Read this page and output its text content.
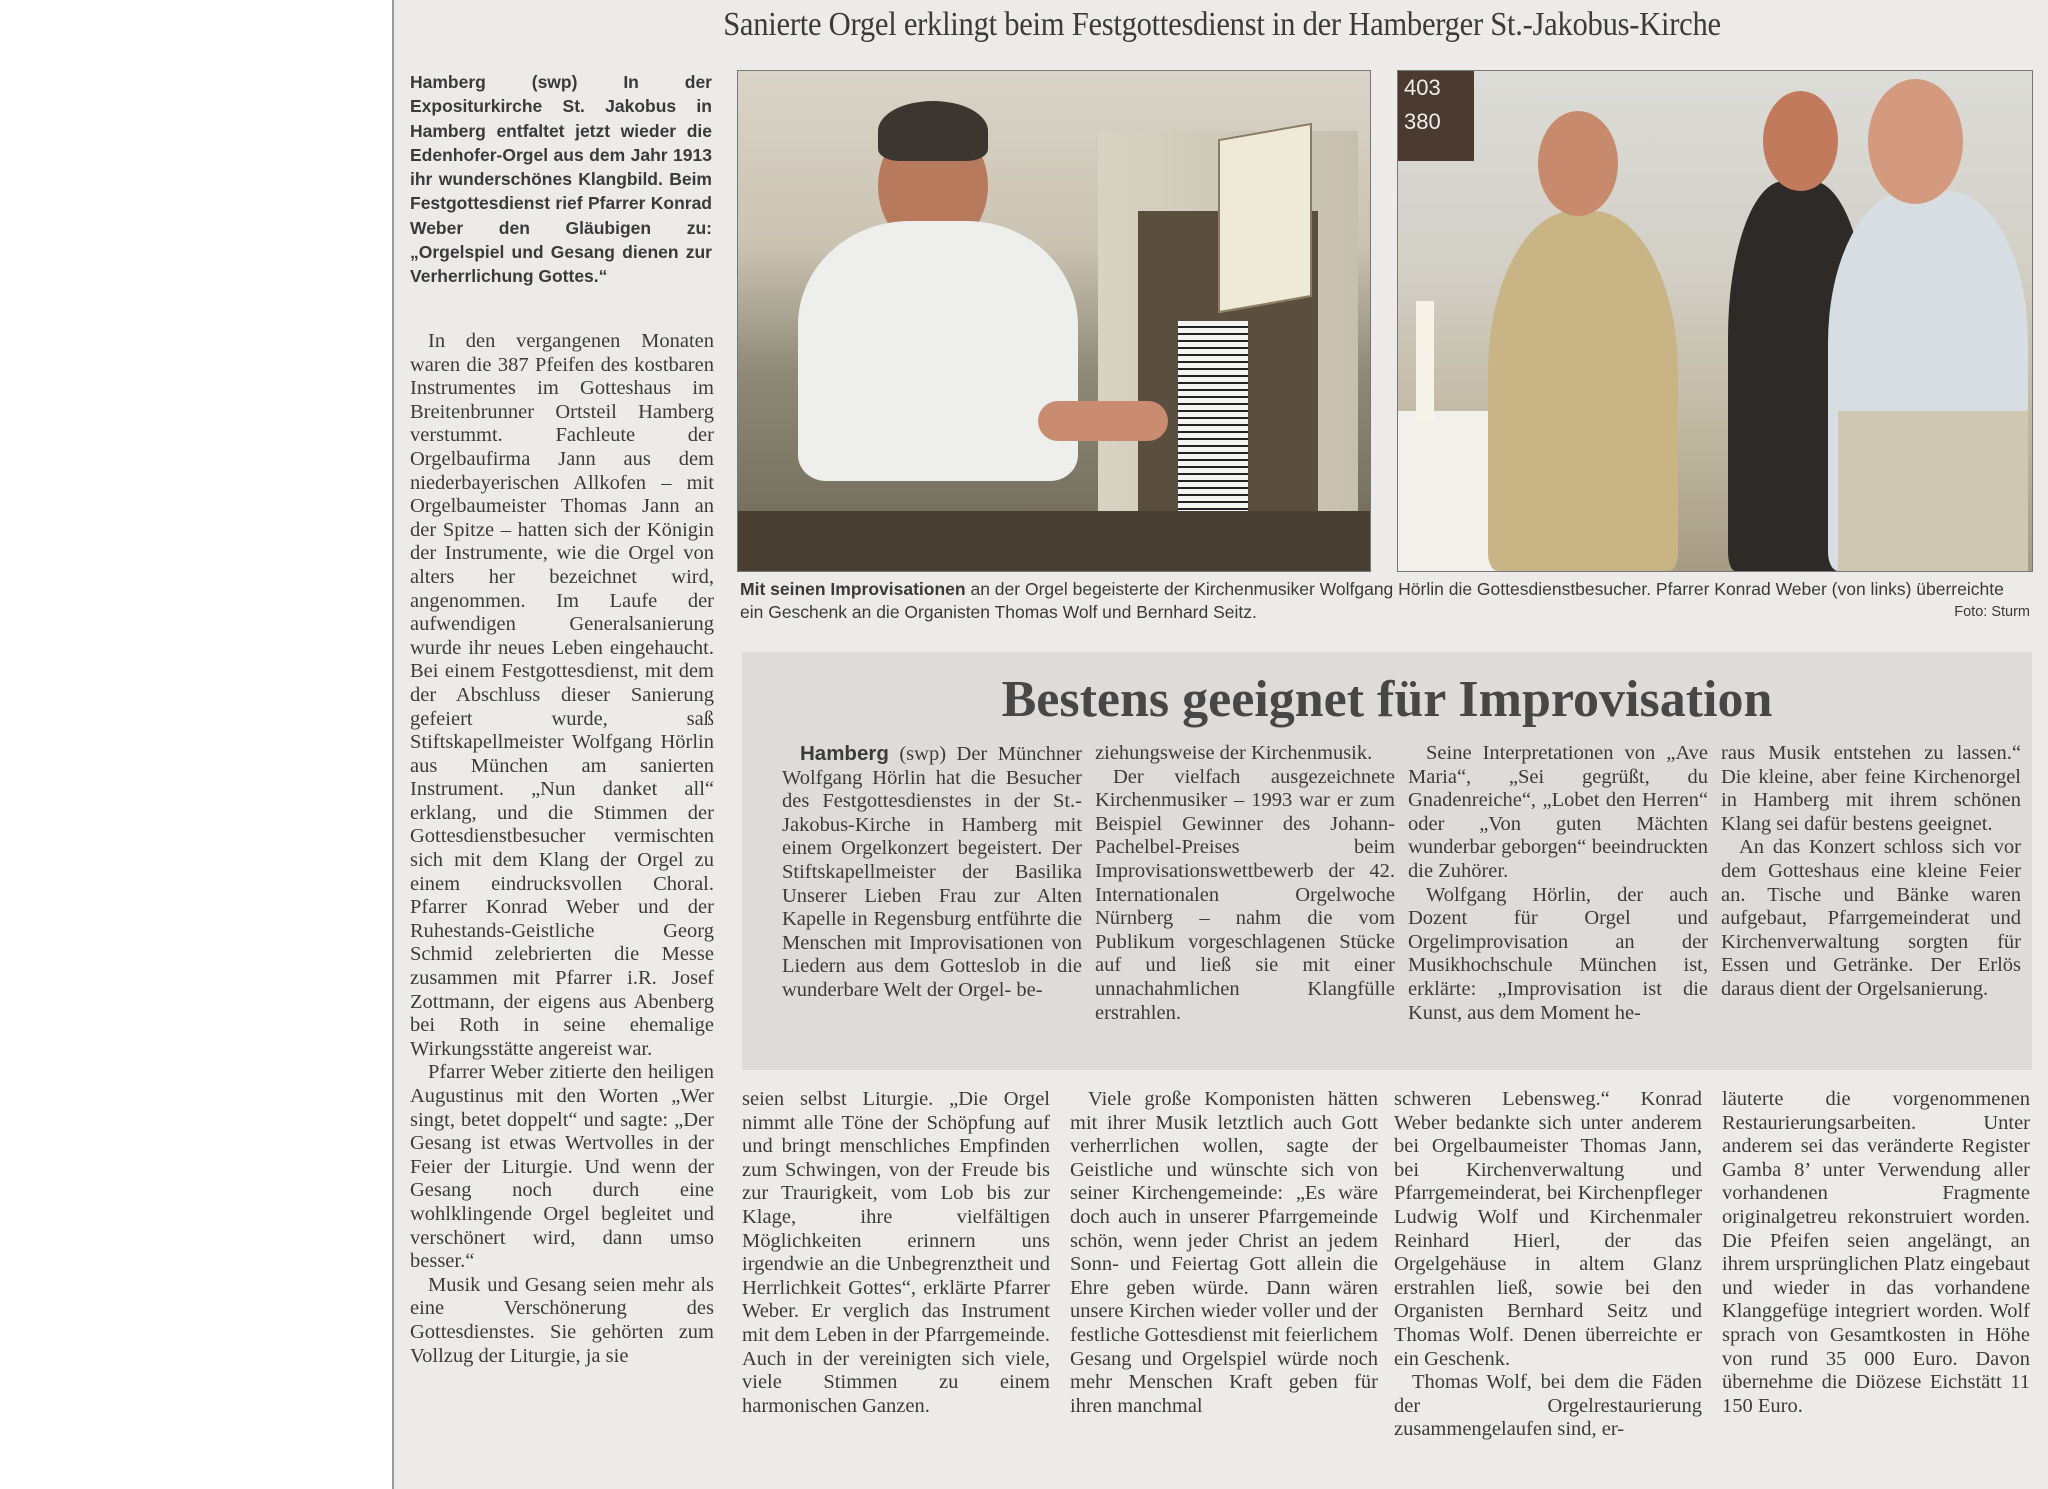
Sanierte Orgel erklingt beim Festgottesdienst in der Hamberger St.-Jakobus-Kirche
Hamberg (swp) In der Expositurkirche St. Jakobus in Hamberg entfaltet jetzt wieder die Edenhofer-Orgel aus dem Jahr 1913 ihr wunderschönes Klangbild. Beim Festgottesdienst rief Pfarrer Konrad Weber den Gläubigen zu: „Orgelspiel und Gesang dienen zur Verherrlichung Gottes.“

In den vergangenen Monaten waren die 387 Pfeifen des kostbaren Instrumentes im Gotteshaus im Breitenbrunner Ortsteil Hamberg verstummt. Fachleute der Orgelbaufirma Jann aus dem niederbayerischen Allkofen – mit Orgelbaumeister Thomas Jann an der Spitze – hatten sich der Königin der Instrumente, wie die Orgel von alters her bezeichnet wird, angenommen. Im Laufe der aufwendigen Generalsanierung wurde ihr neues Leben eingehaucht. Bei einem Festgottesdienst, mit dem der Abschluss dieser Sanierung gefeiert wurde, saß Stiftskapellmeister Wolfgang Hörlin aus München am sanierten Instrument. „Nun danket all“ erklang, und die Stimmen der Gottesdienstbesucher vermischten sich mit dem Klang der Orgel zu einem eindrucksvollen Choral. Pfarrer Konrad Weber und der Ruhestands-Geistliche Georg Schmid zelebrierten die Messe zusammen mit Pfarrer i.R. Josef Zottmann, der eigens aus Abenberg bei Roth in seine ehemalige Wirkungsstätte angereist war.

Pfarrer Weber zitierte den heiligen Augustinus mit den Worten „Wer singt, betet doppelt“ und sagte: „Der Gesang ist etwas Wertvolles in der Feier der Liturgie. Und wenn der Gesang noch durch eine wohlklingende Orgel begleitet und verschönert wird, dann umso besser.“

Musik und Gesang seien mehr als eine Verschönerung des Gottesdienstes. Sie gehörten zum Vollzug der Liturgie, ja sie

403
380
Mit seinen Improvisationen an der Orgel begeisterte der Kirchenmusiker Wolfgang Hörlin die Gottesdienstbesucher. Pfarrer Konrad Weber (von links) überreichte ein Geschenk an die Organisten Thomas Wolf und Bernhard Seitz.	Foto: Sturm
Bestens geeignet für Improvisation

Hamberg (swp) Der Münchner Wolfgang Hörlin hat die Besucher des Festgottesdienstes in der St.-Jakobus-Kirche in Hamberg mit einem Orgelkonzert begeistert. Der Stiftskapellmeister der Basilika Unserer Lieben Frau zur Alten Kapelle in Regensburg entführte die Menschen mit Improvisationen von Liedern aus dem Gotteslob in die wunderbare Welt der Orgel- be-

ziehungsweise der Kirchenmusik.

Der vielfach ausgezeichnete Kirchenmusiker – 1993 war er zum Beispiel Gewinner des Johann-Pachelbel-Preises beim Improvisationswettbewerb der 42. Internationalen Orgelwoche Nürnberg – nahm die vom Publikum vorgeschlagenen Stücke auf und ließ sie mit einer unnachahmlichen Klangfülle erstrahlen.

Seine Interpretationen von „Ave Maria“, „Sei gegrüßt, du Gnadenreiche“, „Lobet den Herren“ oder „Von guten Mächten wunderbar geborgen“ beeindruckten die Zuhörer.

Wolfgang Hörlin, der auch Dozent für Orgel und Orgelimprovisation an der Musikhochschule München ist, erklärte: „Improvisation ist die Kunst, aus dem Moment he-

raus Musik entstehen zu lassen.“ Die kleine, aber feine Kirchenorgel in Hamberg mit ihrem schönen Klang sei dafür bestens geeignet.

An das Konzert schloss sich vor dem Gotteshaus eine kleine Feier an. Tische und Bänke waren aufgebaut, Pfarrgemeinderat und Kirchenverwaltung sorgten für Essen und Getränke. Der Erlös daraus dient der Orgelsanierung.

seien selbst Liturgie. „Die Orgel nimmt alle Töne der Schöpfung auf und bringt menschliches Empfinden zum Schwingen, von der Freude bis zur Traurigkeit, vom Lob bis zur Klage, ihre vielfältigen Möglichkeiten erinnern uns irgendwie an die Unbegrenztheit und Herrlichkeit Gottes“, erklärte Pfarrer Weber. Er verglich das Instrument mit dem Leben in der Pfarrgemeinde. Auch in der vereinigten sich viele, viele Stimmen zu einem harmonischen Ganzen.

Viele große Komponisten hätten mit ihrer Musik letztlich auch Gott verherrlichen wollen, sagte der Geistliche und wünschte sich von seiner Kirchengemeinde: „Es wäre doch auch in unserer Pfarrgemeinde schön, wenn jeder Christ an jedem Sonn- und Feiertag Gott allein die Ehre geben würde. Dann wären unsere Kirchen wieder voller und der festliche Gottesdienst mit feierlichem Gesang und Orgelspiel würde noch mehr Menschen Kraft geben für ihren manchmal

schweren Lebensweg.“ Konrad Weber bedankte sich unter anderem bei Orgelbaumeister Thomas Jann, bei Kirchenverwaltung und Pfarrgemeinderat, bei Kirchenpfleger Ludwig Wolf und Kirchenmaler Reinhard Hierl, der das Orgelgehäuse in altem Glanz erstrahlen ließ, sowie bei den Organisten Bernhard Seitz und Thomas Wolf. Denen überreichte er ein Geschenk.

Thomas Wolf, bei dem die Fäden der Orgelrestaurierung zusammengelaufen sind, er-

läuterte die vorgenommenen Restaurierungsarbeiten. Unter anderem sei das veränderte Register Gamba 8’ unter Verwendung aller vorhandenen Fragmente originalgetreu rekonstruiert worden. Die Pfeifen seien angelängt, an ihrem ursprünglichen Platz eingebaut und wieder in das vorhandene Klanggefüge integriert worden. Wolf sprach von Gesamtkosten in Höhe von rund 35 000 Euro. Davon übernehme die Diözese Eichstätt 11 150 Euro.
